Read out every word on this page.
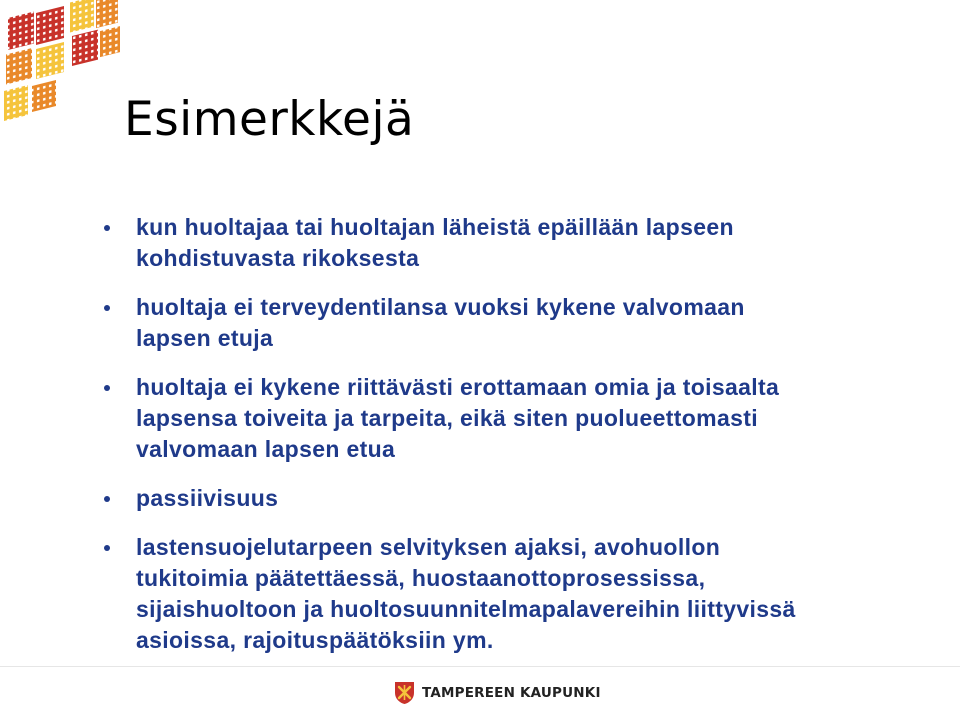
Esimerkkejä
kun huoltajaa tai huoltajan läheistä epäillään lapseen
kohdistuvasta rikoksesta
huoltaja ei terveydentilansa vuoksi kykene valvomaan
lapsen etuja
huoltaja ei kykene riittävästi erottamaan omia ja toisaalta
lapsensa toiveita ja tarpeita, eikä siten puolueettomasti
valvomaan lapsen etua
passiivisuus
lastensuojelutarpeen selvityksen ajaksi, avohuollon
tukitoimia päätettäessä, huostaanottoprosessissa,
sijaishuoltoon ja huoltosuunnitelmapalavereihin liittyvissä
asioissa, rajoituspäätöksiin ym.
TAMPEREEN KAUPUNKI
